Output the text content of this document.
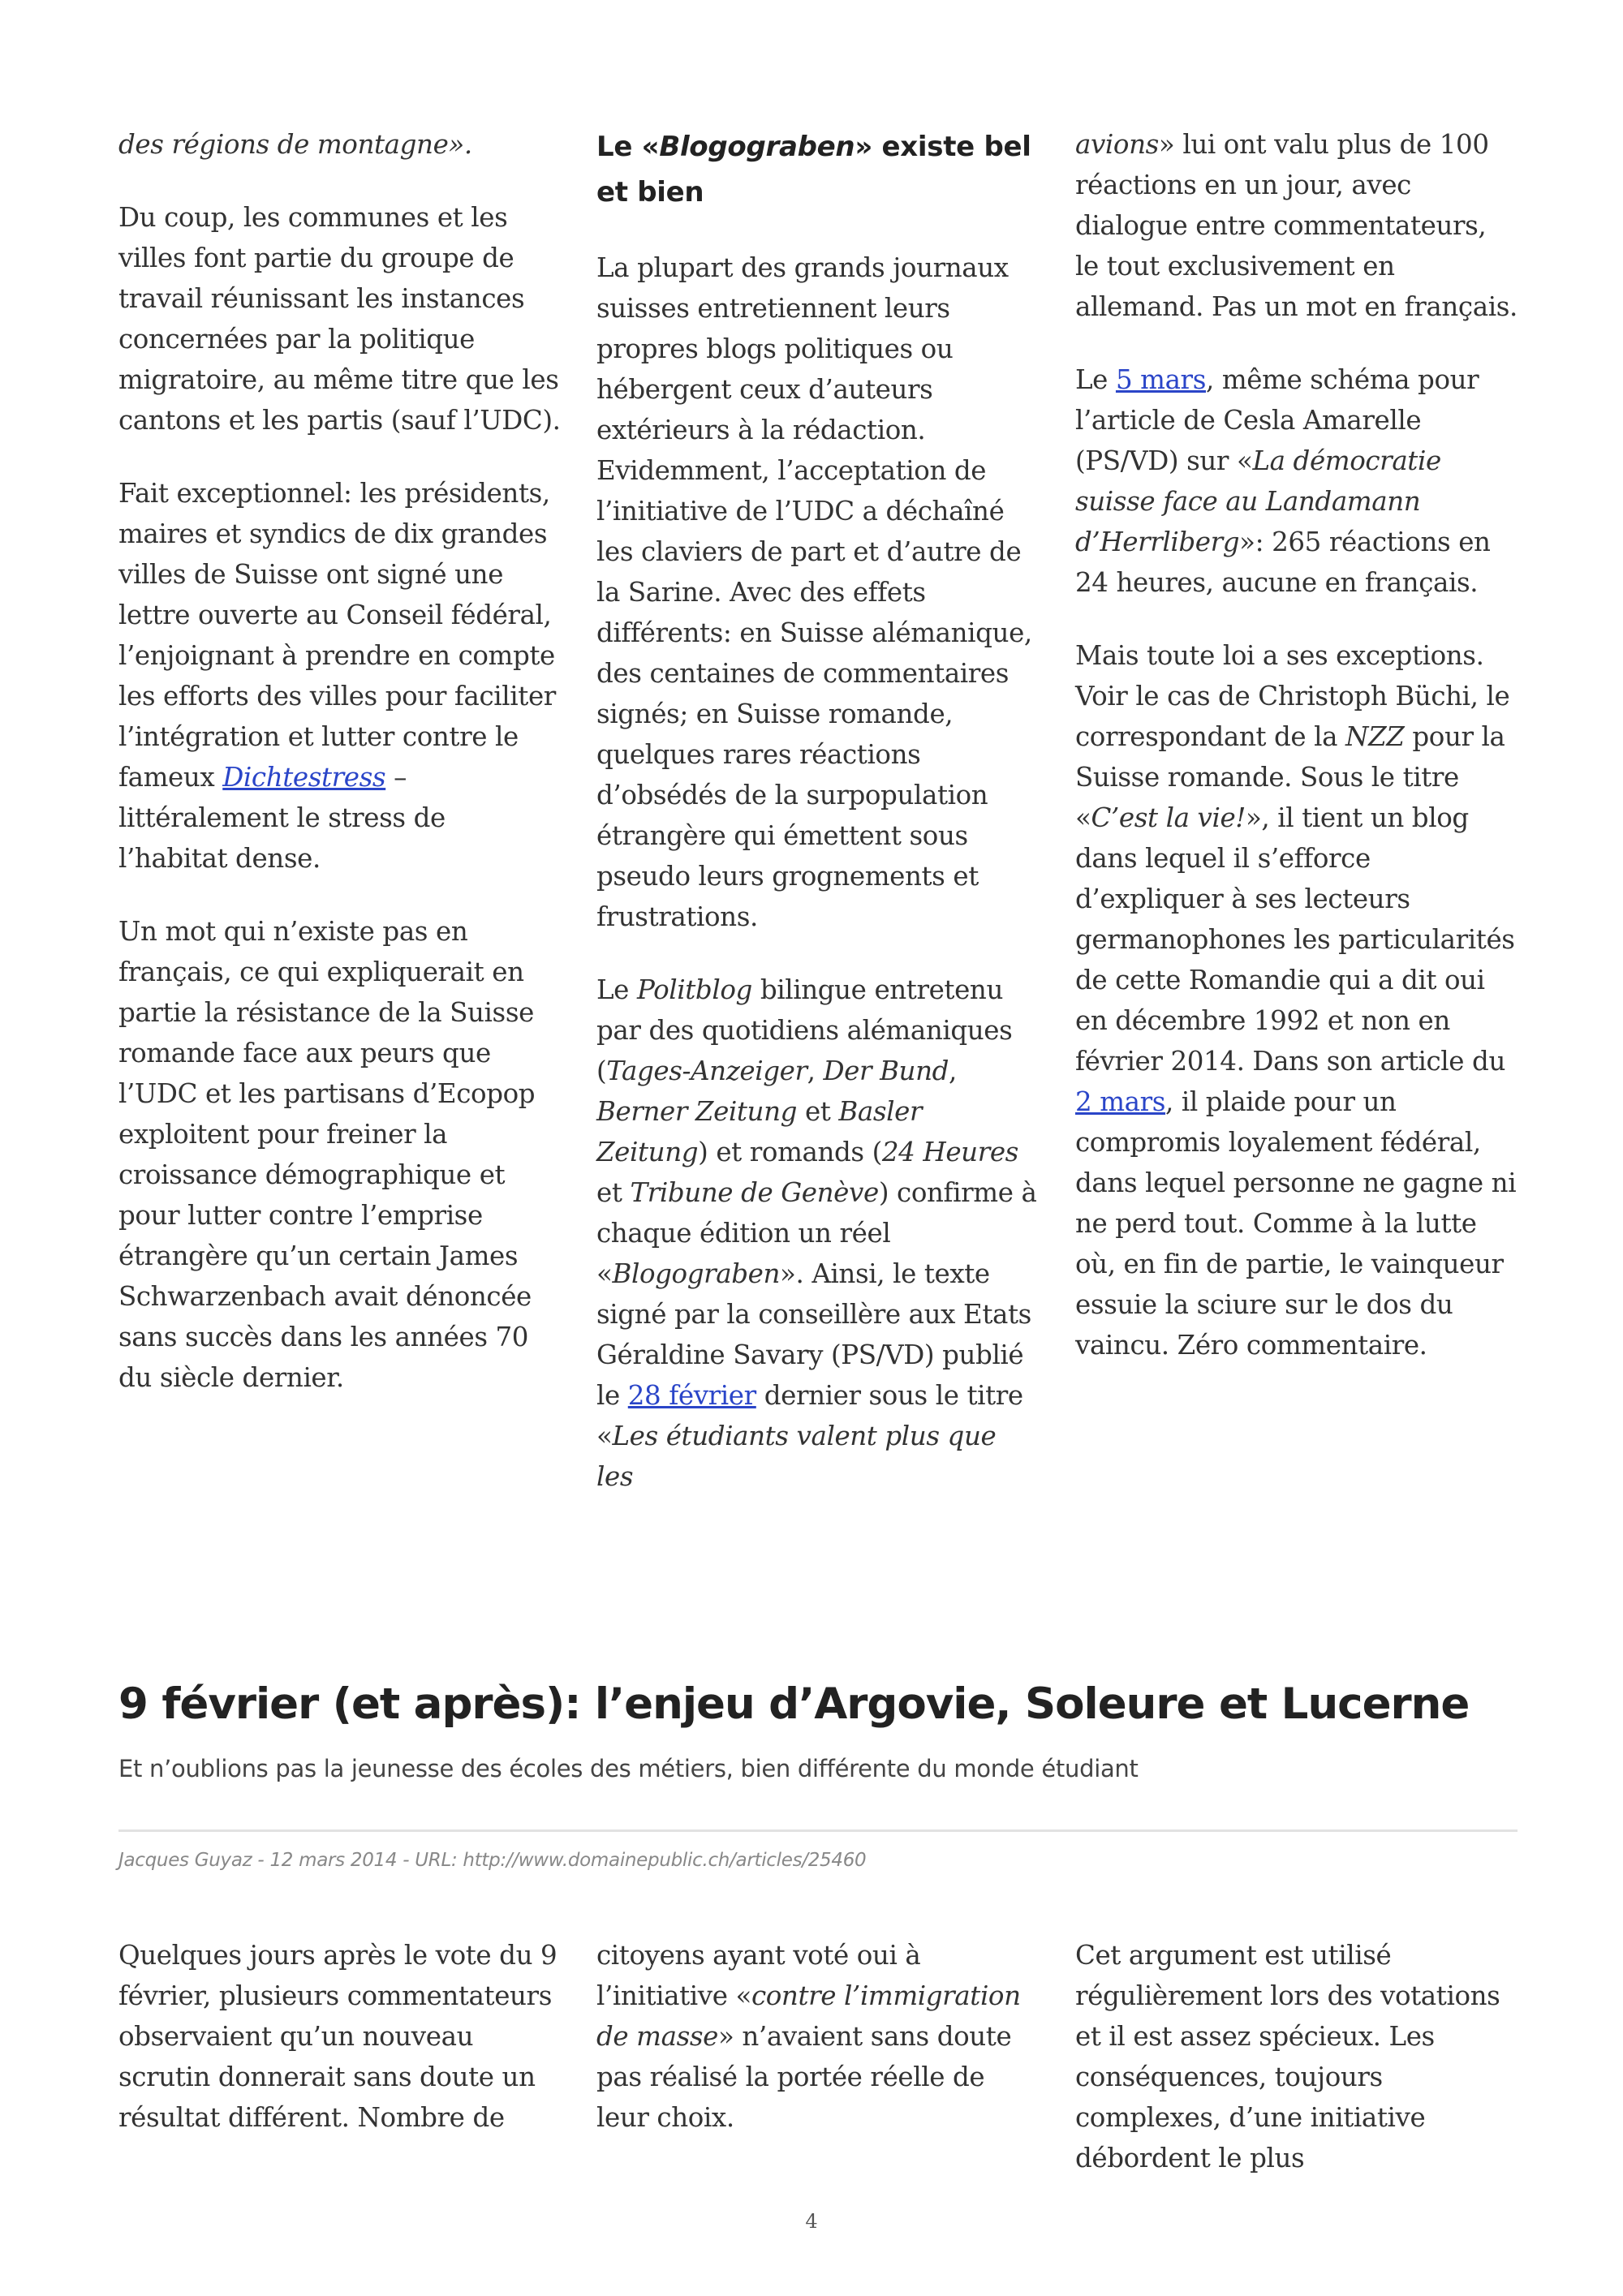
des régions de montagne».

Du coup, les communes et les villes font partie du groupe de travail réunissant les instances concernées par la politique migratoire, au même titre que les cantons et les partis (sauf l’UDC).

Fait exceptionnel: les présidents, maires et syndics de dix grandes villes de Suisse ont signé une lettre ouverte au Conseil fédéral, l’enjoignant à prendre en compte les efforts des villes pour faciliter l’intégration et lutter contre le fameux Dichtestress – littéralement le stress de l’habitat dense.

Un mot qui n’existe pas en français, ce qui expliquerait en partie la résistance de la Suisse romande face aux peurs que l’UDC et les partisans d’Ecopop exploitent pour freiner la croissance démographique et pour lutter contre l’emprise étrangère qu’un certain James Schwarzenbach avait dénoncée sans succès dans les années 70 du siècle dernier.

Le «Blogograben» existe bel et bien

La plupart des grands journaux suisses entretiennent leurs propres blogs politiques ou hébergent ceux d’auteurs extérieurs à la rédaction. Evidemment, l’acceptation de l’initiative de l’UDC a déchaîné les claviers de part et d’autre de la Sarine. Avec des effets différents: en Suisse alémanique, des centaines de commentaires signés; en Suisse romande, quelques rares réactions d’obsédés de la surpopulation étrangère qui émettent sous pseudo leurs grognements et frustrations.

Le Politblog bilingue entretenu par des quotidiens alémaniques (Tages-Anzeiger, Der Bund, Berner Zeitung et Basler Zeitung) et romands (24 Heures et Tribune de Genève) confirme à chaque édition un réel «Blogograben». Ainsi, le texte signé par la conseillère aux Etats Géraldine Savary (PS/VD) publié le 28 février dernier sous le titre «Les étudiants valent plus que les

avions» lui ont valu plus de 100 réactions en un jour, avec dialogue entre commentateurs, le tout exclusivement en allemand. Pas un mot en français.

Le 5 mars, même schéma pour l’article de Cesla Amarelle (PS/VD) sur «La démocratie suisse face au Landamann d’Herrliberg»: 265 réactions en 24 heures, aucune en français.

Mais toute loi a ses exceptions. Voir le cas de Christoph Büchi, le correspondant de la NZZ pour la Suisse romande. Sous le titre «C’est la vie!», il tient un blog dans lequel il s’efforce d’expliquer à ses lecteurs germanophones les particularités de cette Romandie qui a dit oui en décembre 1992 et non en février 2014. Dans son article du 2 mars, il plaide pour un compromis loyalement fédéral, dans lequel personne ne gagne ni ne perd tout. Comme à la lutte où, en fin de partie, le vainqueur essuie la sciure sur le dos du vaincu. Zéro commentaire.

9 février (et après): l’enjeu d’Argovie, Soleure et Lucerne

Et n’oublions pas la jeunesse des écoles des métiers, bien différente du monde étudiant

Jacques Guyaz - 12 mars 2014 - URL: http://www.domainepublic.ch/articles/25460

Quelques jours après le vote du 9 février, plusieurs commentateurs observaient qu’un nouveau scrutin donnerait sans doute un résultat différent. Nombre de

citoyens ayant voté oui à l’initiative «contre l’immigration de masse» n’avaient sans doute pas réalisé la portée réelle de leur choix.

Cet argument est utilisé régulièrement lors des votations et il est assez spécieux. Les conséquences, toujours complexes, d’une initiative débordent le plus

4
